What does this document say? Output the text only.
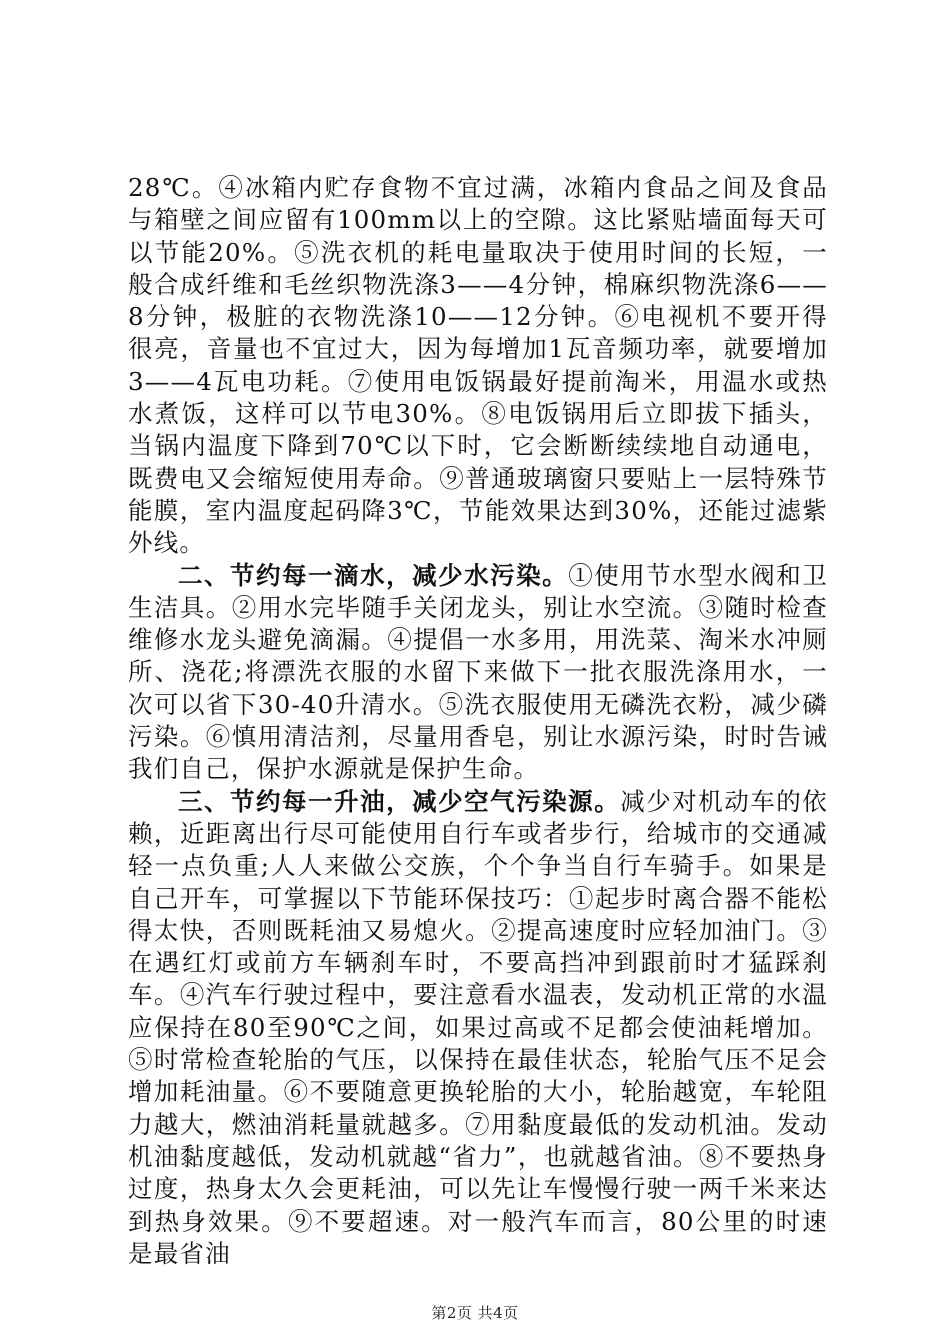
28℃。④冰箱内贮存食物不宜过满，冰箱内食品之间及食品与箱壁之间应留有100mm以上的空隙。这比紧贴墙面每天可以节能20%。⑤洗衣机的耗电量取决于使用时间的长短，一般合成纤维和毛丝织物洗涤3——4分钟，棉麻织物洗涤6——8分钟，极脏的衣物洗涤10——12分钟。⑥电视机不要开得很亮，音量也不宜过大，因为每增加1瓦音频功率，就要增加3——4瓦电功耗。⑦使用电饭锅最好提前淘米，用温水或热水煮饭，这样可以节电30%。⑧电饭锅用后立即拔下插头，当锅内温度下降到70℃以下时，它会断断续续地自动通电，既费电又会缩短使用寿命。⑨普通玻璃窗只要贴上一层特殊节能膜，室内温度起码降3℃，节能效果达到30%，还能过滤紫外线。

二、节约每一滴水，减少水污染。①使用节水型水阀和卫生洁具。②用水完毕随手关闭龙头，别让水空流。③随时检查维修水龙头避免滴漏。④提倡一水多用，用洗菜、淘米水冲厕所、浇花;将漂洗衣服的水留下来做下一批衣服洗涤用水，一次可以省下30-40升清水。⑤洗衣服使用无磷洗衣粉，减少磷污染。⑥慎用清洁剂，尽量用香皂，别让水源污染，时时告诫我们自己，保护水源就是保护生命。

三、节约每一升油，减少空气污染源。减少对机动车的依赖，近距离出行尽可能使用自行车或者步行，给城市的交通减轻一点负重;人人来做公交族，个个争当自行车骑手。如果是自己开车，可掌握以下节能环保技巧：①起步时离合器不能松得太快，否则既耗油又易熄火。②提高速度时应轻加油门。③在遇红灯或前方车辆刹车时，不要高挡冲到跟前时才猛踩刹车。④汽车行驶过程中，要注意看水温表，发动机正常的水温应保持在80至90℃之间，如果过高或不足都会使油耗增加。⑤时常检查轮胎的气压，以保持在最佳状态，轮胎气压不足会增加耗油量。⑥不要随意更换轮胎的大小，轮胎越宽，车轮阻力越大，燃油消耗量就越多。⑦用黏度最低的发动机油。发动机油黏度越低，发动机就越“省力”，也就越省油。⑧不要热身过度，热身太久会更耗油，可以先让车慢慢行驶一两千米来达到热身效果。⑨不要超速。对一般汽车而言，80公里的时速是最省油

第2页 共4页
